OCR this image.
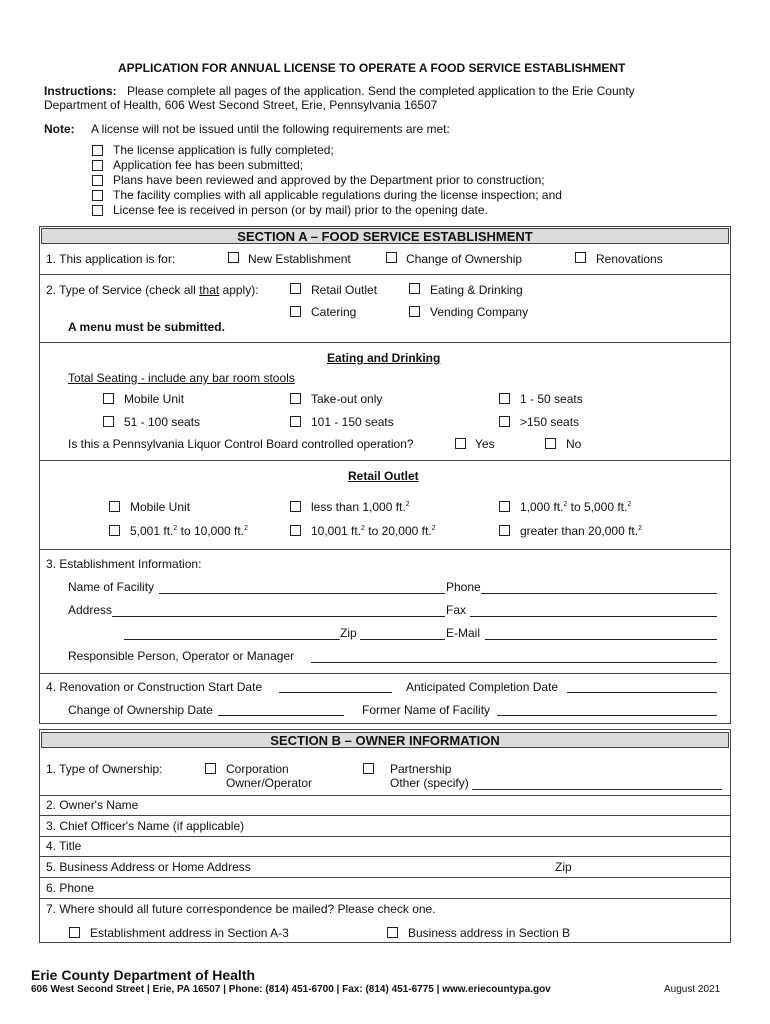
APPLICATION FOR ANNUAL LICENSE TO OPERATE A FOOD SERVICE ESTABLISHMENT
Instructions: Please complete all pages of the application. Send the completed application to the Erie County
Department of Health, 606 West Second Street, Erie, Pennsylvania 16507
Note: A license will not be issued until the following requirements are met:
The license application is fully completed;
Application fee has been submitted;
Plans have been reviewed and approved by the Department prior to construction;
The facility complies with all applicable regulations during the license inspection; and
License fee is received in person (or by mail) prior to the opening date.
SECTION A – FOOD SERVICE ESTABLISHMENT
1. This application is for:	New Establishment	Change of Ownership	Renovations
2. Type of Service (check all that apply):	Retail Outlet	Eating & Drinking
Catering	Vending Company
A menu must be submitted.
Eating and Drinking
Total Seating - include any bar room stools
Mobile Unit	Take-out only	1 - 50 seats
51 - 100 seats	101 - 150 seats	>150 seats
Is this a Pennsylvania Liquor Control Board controlled operation?	Yes	No
Retail Outlet
Mobile Unit	less than 1,000 ft.$^2$	1,000 ft.$^2$ to 5,000 ft.$^2$
5,001 ft.$^2$ to 10,000 ft.$^2$	10,001 ft.$^2$ to 20,000 ft.$^2$	greater than 20,000 ft.$^2$
3. Establishment Information:
Name of Facility	Phone
Address	Fax
Zip	E-Mail
Responsible Person, Operator or Manager
4. Renovation or Construction Start Date	Anticipated Completion Date
Change of Ownership Date	Former Name of Facility
SECTION B – OWNER INFORMATION
1. Type of Ownership:	Corporation
Owner/Operator
Partnership
Other (specify)
2. Owner's Name
3. Chief Officer's Name (if applicable)
4. Title
5. Business Address or Home Address	Zip
6. Phone
7. Where should all future correspondence be mailed? Please check one.
Establishment address in Section A-3	Business address in Section B
Erie County Department of Health
606 West Second Street | Erie, PA 16507 | Phone: (814) 451-6700 | Fax: (814) 451-6775 | www.eriecountypa.gov	August 2021
